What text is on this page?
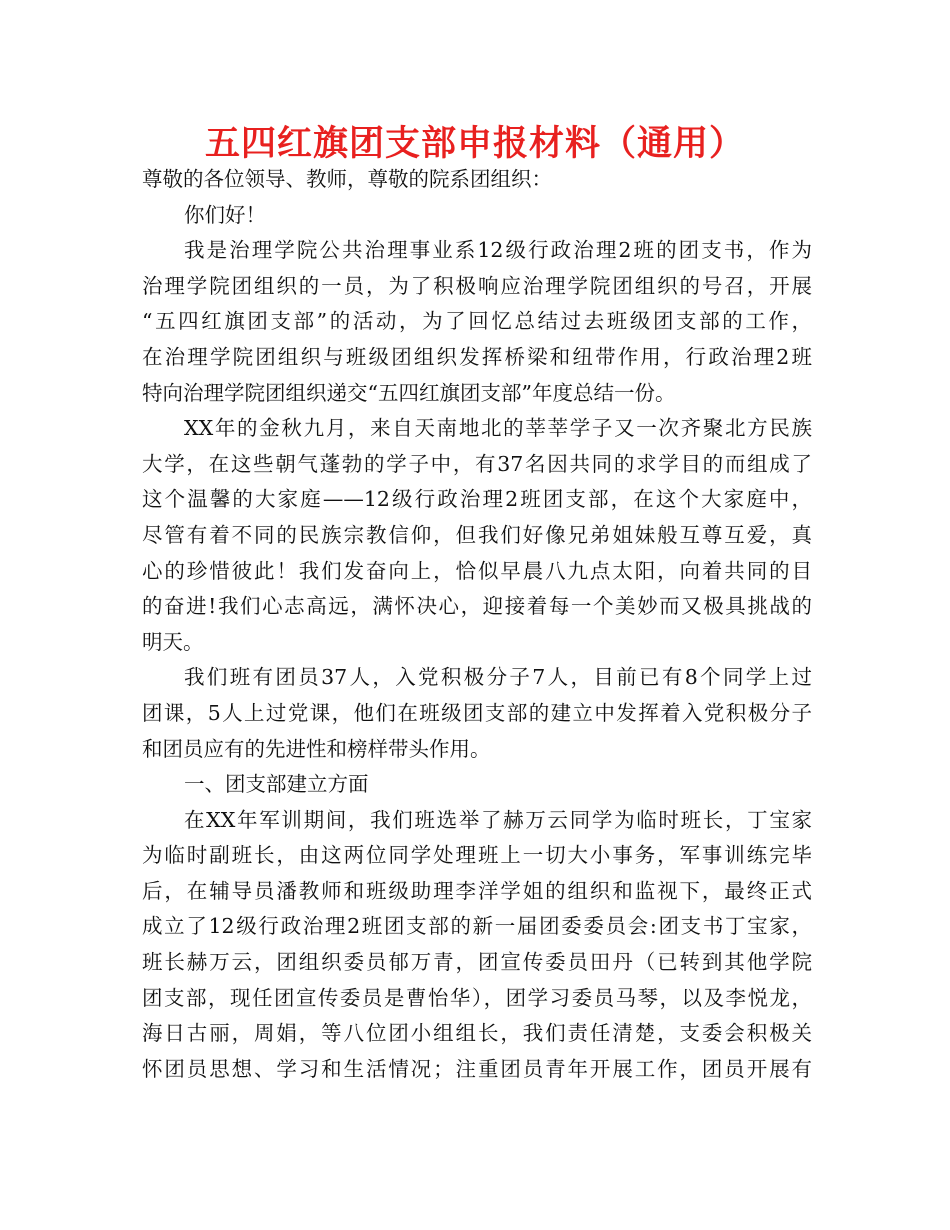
五四红旗团支部申报材料（通用）
尊敬的各位领导、教师，尊敬的院系团组织：
你们好！
我是治理学院公共治理事业系12级行政治理2班的团支书，作为
治理学院团组织的一员，为了积极响应治理学院团组织的号召，开展
“五四红旗团支部”的活动，为了回忆总结过去班级团支部的工作，
在治理学院团组织与班级团组织发挥桥梁和纽带作用，行政治理2班
特向治理学院团组织递交“五四红旗团支部”年度总结一份。
XX年的金秋九月，来自天南地北的莘莘学子又一次齐聚北方民族
大学，在这些朝气蓬勃的学子中，有37名因共同的求学目的而组成了
这个温馨的大家庭——12级行政治理2班团支部，在这个大家庭中，
尽管有着不同的民族宗教信仰，但我们好像兄弟姐妹般互尊互爱，真
心的珍惜彼此！我们发奋向上，恰似早晨八九点太阳，向着共同的目
的奋进!我们心志高远，满怀决心，迎接着每一个美妙而又极具挑战的
明天。
我们班有团员37人，入党积极分子7人，目前已有8个同学上过
团课，5人上过党课，他们在班级团支部的建立中发挥着入党积极分子
和团员应有的先进性和榜样带头作用。
一、团支部建立方面
在XX年军训期间，我们班选举了赫万云同学为临时班长，丁宝家
为临时副班长，由这两位同学处理班上一切大小事务，军事训练完毕
后，在辅导员潘教师和班级助理李洋学姐的组织和监视下，最终正式
成立了12级行政治理2班团支部的新一届团委委员会:团支书丁宝家，
班长赫万云，团组织委员郁万青，团宣传委员田丹（已转到其他学院
团支部，现任团宣传委员是曹怡华），团学习委员马琴，以及李悦龙，
海日古丽，周娟，等八位团小组组长，我们责任清楚，支委会积极关
怀团员思想、学习和生活情况；注重团员青年开展工作，团员开展有
